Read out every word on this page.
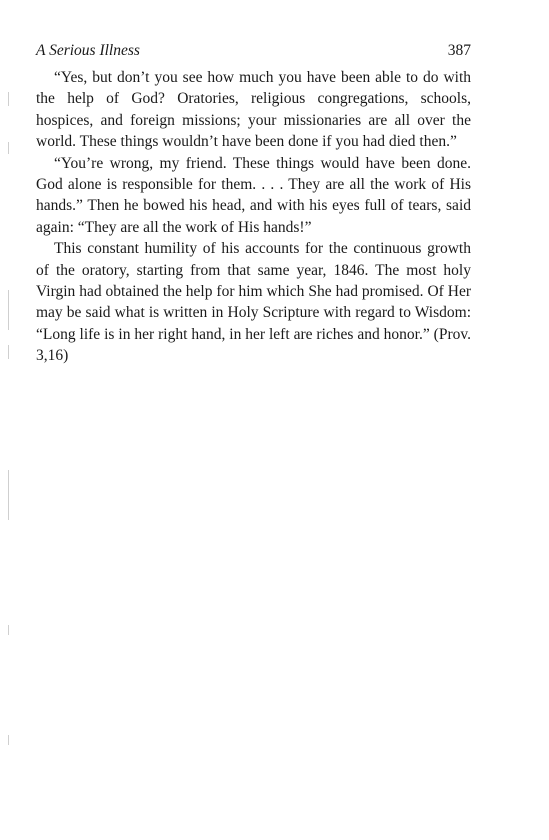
A Serious Illness	387

“Yes, but don’t you see how much you have been able to do with the help of God? Oratories, religious congregations, schools, hospices, and foreign missions; your missionaries are all over the world. These things wouldn’t have been done if you had died then.”

“You’re wrong, my friend. These things would have been done. God alone is responsible for them. . . . They are all the work of His hands.” Then he bowed his head, and with his eyes full of tears, said again: “They are all the work of His hands!”

This constant humility of his accounts for the continuous growth of the oratory, starting from that same year, 1846. The most holy Virgin had obtained the help for him which She had promised. Of Her may be said what is written in Holy Scripture with regard to Wisdom: “Long life is in her right hand, in her left are riches and honor.” (Prov. 3,16)
